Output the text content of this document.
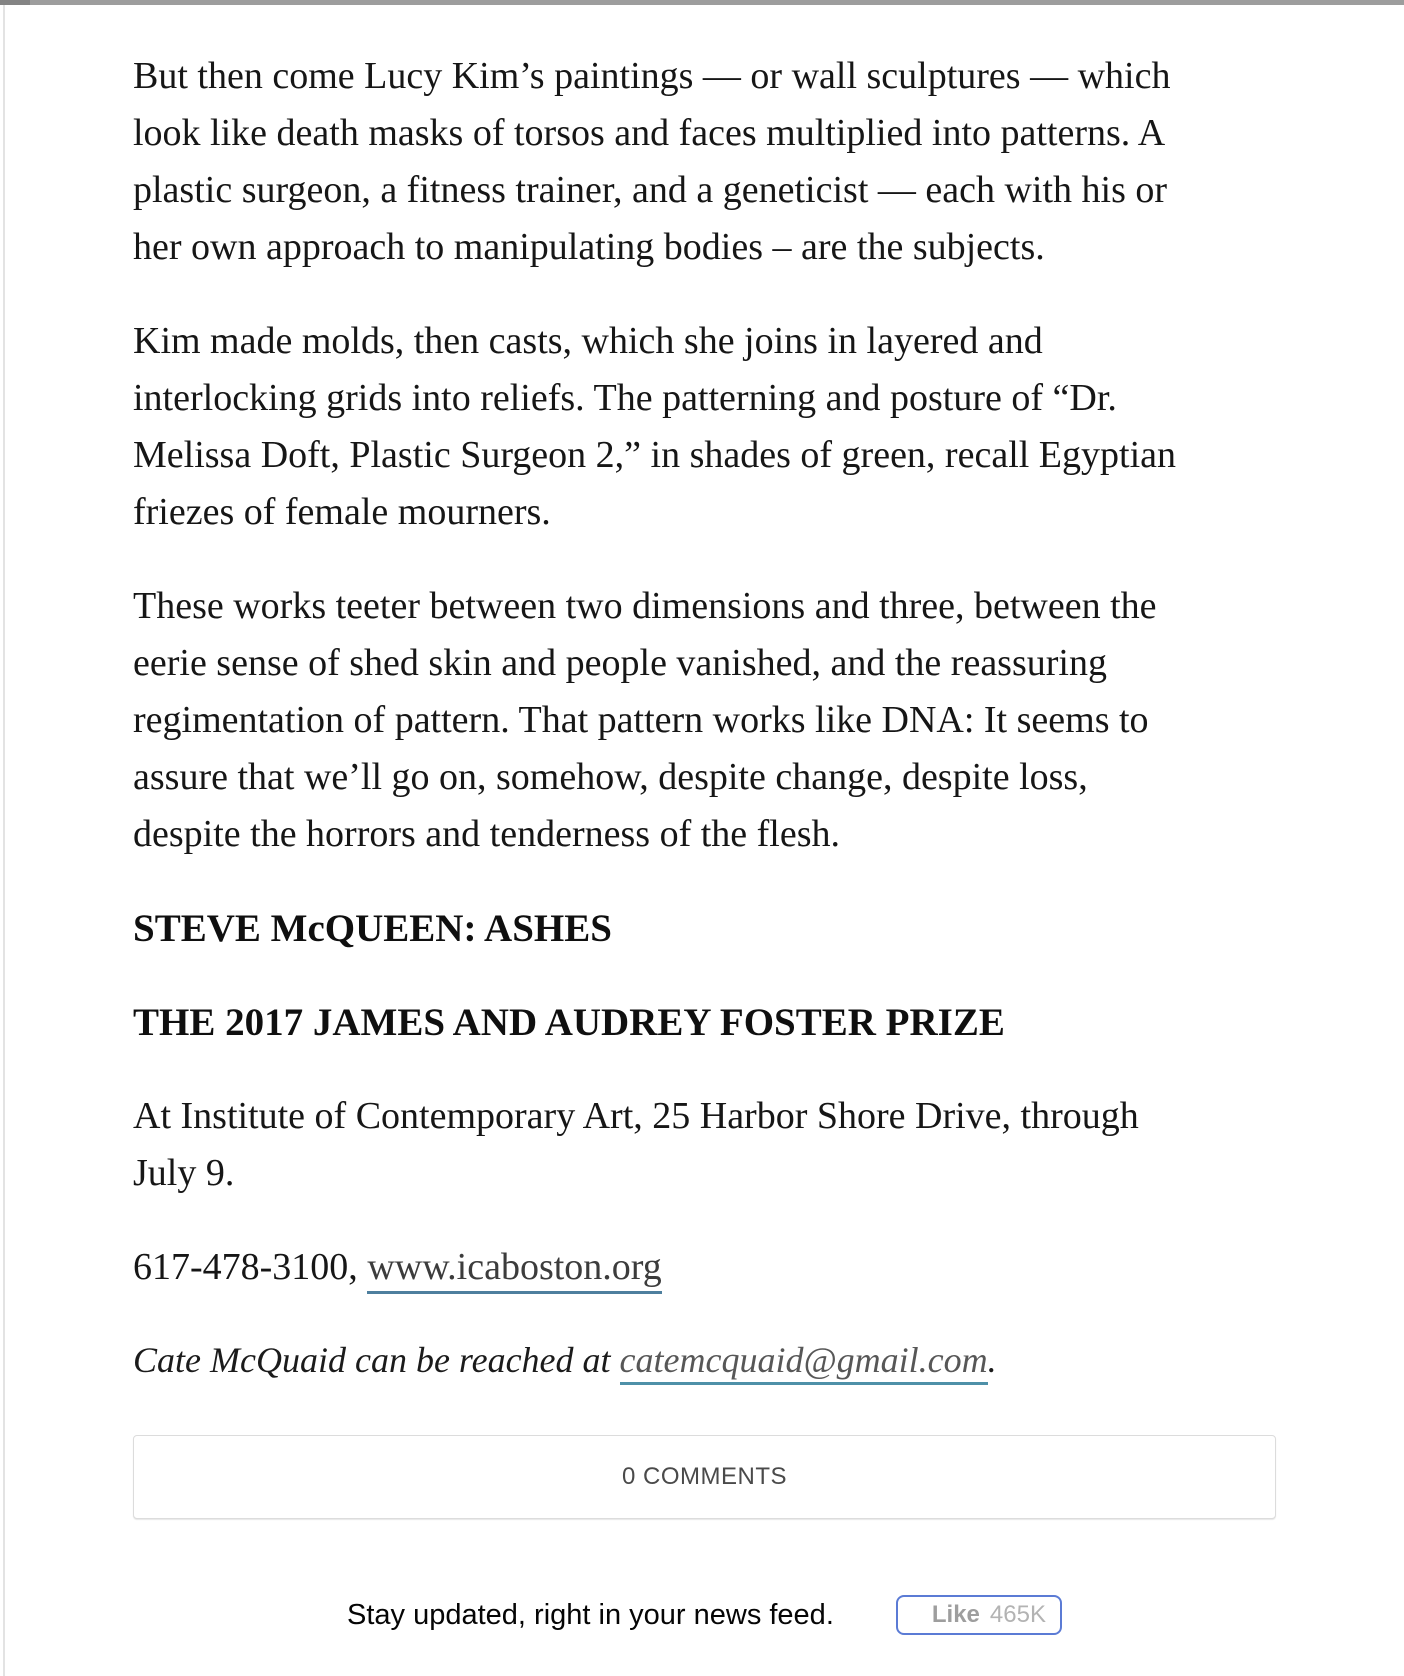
But then come Lucy Kim’s paintings — or wall sculptures — which look like death masks of torsos and faces multiplied into patterns. A plastic surgeon, a fitness trainer, and a geneticist — each with his or her own approach to manipulating bodies – are the subjects.

Kim made molds, then casts, which she joins in layered and interlocking grids into reliefs. The patterning and posture of “Dr. Melissa Doft, Plastic Surgeon 2,” in shades of green, recall Egyptian friezes of female mourners.

These works teeter between two dimensions and three, between the eerie sense of shed skin and people vanished, and the reassuring regimentation of pattern. That pattern works like DNA: It seems to assure that we’ll go on, somehow, despite change, despite loss, despite the horrors and tenderness of the flesh.

STEVE McQUEEN: ASHES
THE 2017 JAMES AND AUDREY FOSTER PRIZE

At Institute of Contemporary Art, 25 Harbor Shore Drive, through July 9.

617-478-3100, www.icaboston.org

Cate McQuaid can be reached at catemcquaid@gmail.com.

0 COMMENTS
Stay updated, right in your news feed.	Like 465K
